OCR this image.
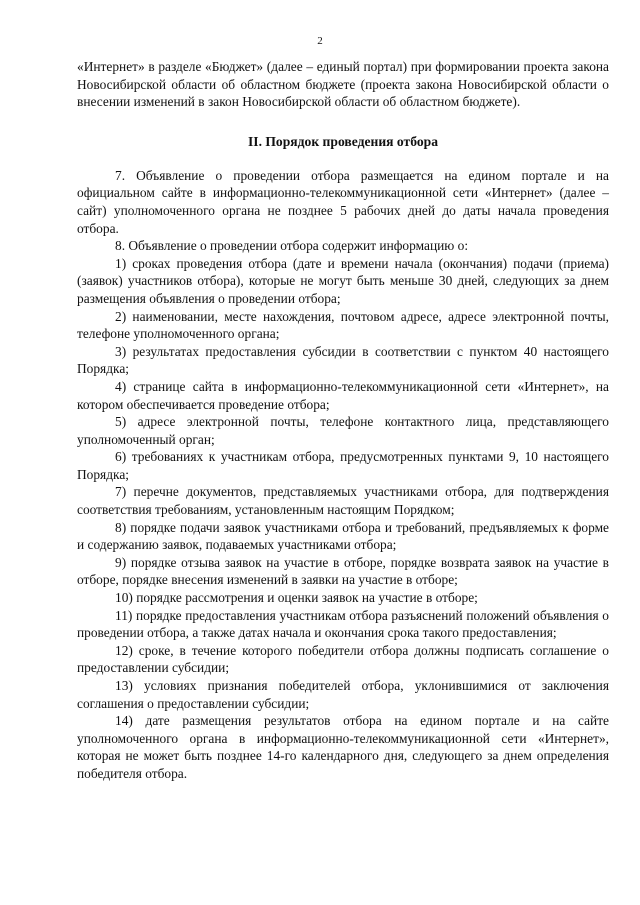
2

«Интернет» в разделе «Бюджет» (далее – единый портал) при формировании проекта закона Новосибирской области об областном бюджете (проекта закона Новосибирской области о внесении изменений в закон Новосибирской области об областном бюджете).

II. Порядок проведения отбора

7. Объявление о проведении отбора размещается на едином портале и на официальном сайте в информационно-телекоммуникационной сети «Интернет» (далее – сайт) уполномоченного органа не позднее 5 рабочих дней до даты начала проведения отбора.

8. Объявление о проведении отбора содержит информацию о:

1) сроках проведения отбора (дате и времени начала (окончания) подачи (приема) (заявок) участников отбора), которые не могут быть меньше 30 дней, следующих за днем размещения объявления о проведении отбора;

2) наименовании, месте нахождения, почтовом адресе, адресе электронной почты, телефоне уполномоченного органа;

3) результатах предоставления субсидии в соответствии с пунктом 40 настоящего Порядка;

4) странице сайта в информационно-телекоммуникационной сети «Интернет», на котором обеспечивается проведение отбора;

5) адресе электронной почты, телефоне контактного лица, представляющего уполномоченный орган;

6) требованиях к участникам отбора, предусмотренных пунктами 9, 10 настоящего Порядка;

7) перечне документов, представляемых участниками отбора, для подтверждения соответствия требованиям, установленным настоящим Порядком;

8) порядке подачи заявок участниками отбора и требований, предъявляемых к форме и содержанию заявок, подаваемых участниками отбора;

9) порядке отзыва заявок на участие в отборе, порядке возврата заявок на участие в отборе, порядке внесения изменений в заявки на участие в отборе;

10) порядке рассмотрения и оценки заявок на участие в отборе;

11) порядке предоставления участникам отбора разъяснений положений объявления о проведении отбора, а также датах начала и окончания срока такого предоставления;

12) сроке, в течение которого победители отбора должны подписать соглашение о предоставлении субсидии;

13) условиях признания победителей отбора, уклонившимися от заключения соглашения о предоставлении субсидии;

14) дате размещения результатов отбора на едином портале и на сайте уполномоченного органа в информационно-телекоммуникационной сети «Интернет», которая не может быть позднее 14-го календарного дня, следующего за днем определения победителя отбора.
